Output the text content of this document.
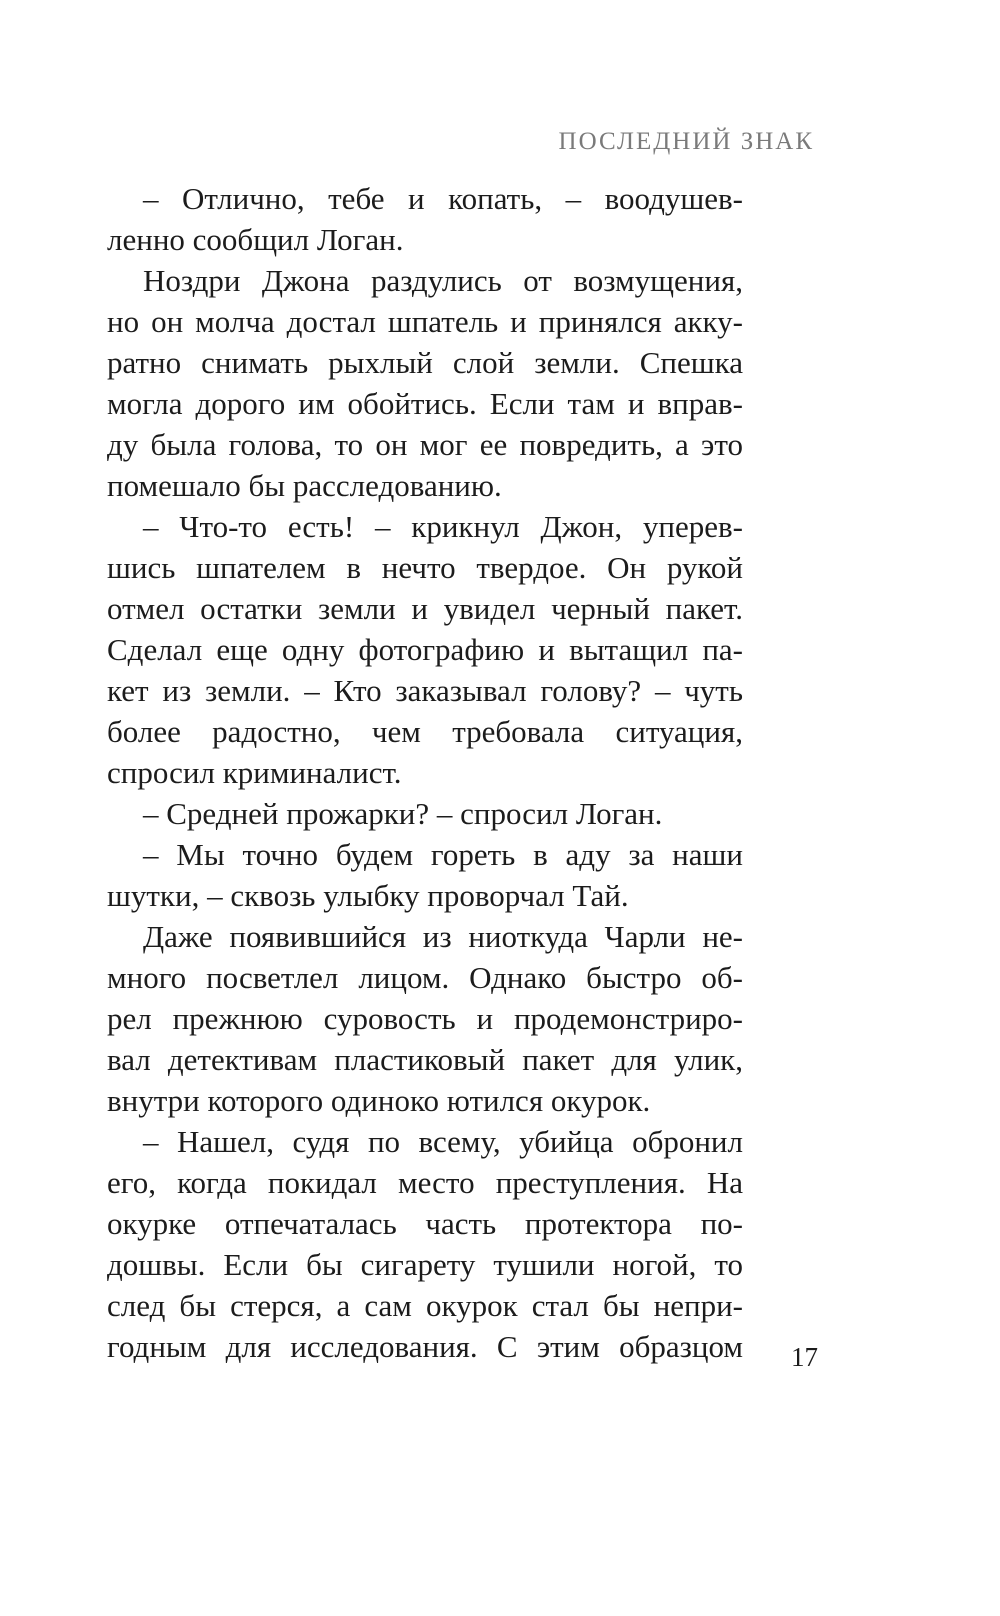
ПОСЛЕДНИЙ ЗНАК
– Отлично, тебе и копать, – воодушев-
ленно сообщил Логан.
Ноздри Джона раздулись от возмущения,
но он молча достал шпатель и принялся акку-
ратно снимать рыхлый слой земли. Спешка
могла дорого им обойтись. Если там и вправ-
ду была голова, то он мог ее повредить, а это
помешало бы расследованию.
– Что-то есть! – крикнул Джон, уперев-
шись шпателем в нечто твердое. Он рукой
отмел остатки земли и увидел черный пакет.
Сделал еще одну фотографию и вытащил па-
кет из земли. – Кто заказывал голову? – чуть
более радостно, чем требовала ситуация,
спросил криминалист.
– Средней прожарки? – спросил Логан.
– Мы точно будем гореть в аду за наши
шутки, – сквозь улыбку проворчал Тай.
Даже появившийся из ниоткуда Чарли не-
много посветлел лицом. Однако быстро об-
рел прежнюю суровость и продемонстриро-
вал детективам пластиковый пакет для улик,
внутри которого одиноко ютился окурок.
– Нашел, судя по всему, убийца обронил
его, когда покидал место преступления. На
окурке отпечаталась часть протектора по-
дошвы. Если бы сигарету тушили ногой, то
след бы стерся, а сам окурок стал бы непри-
годным для исследования. С этим образцом 17
